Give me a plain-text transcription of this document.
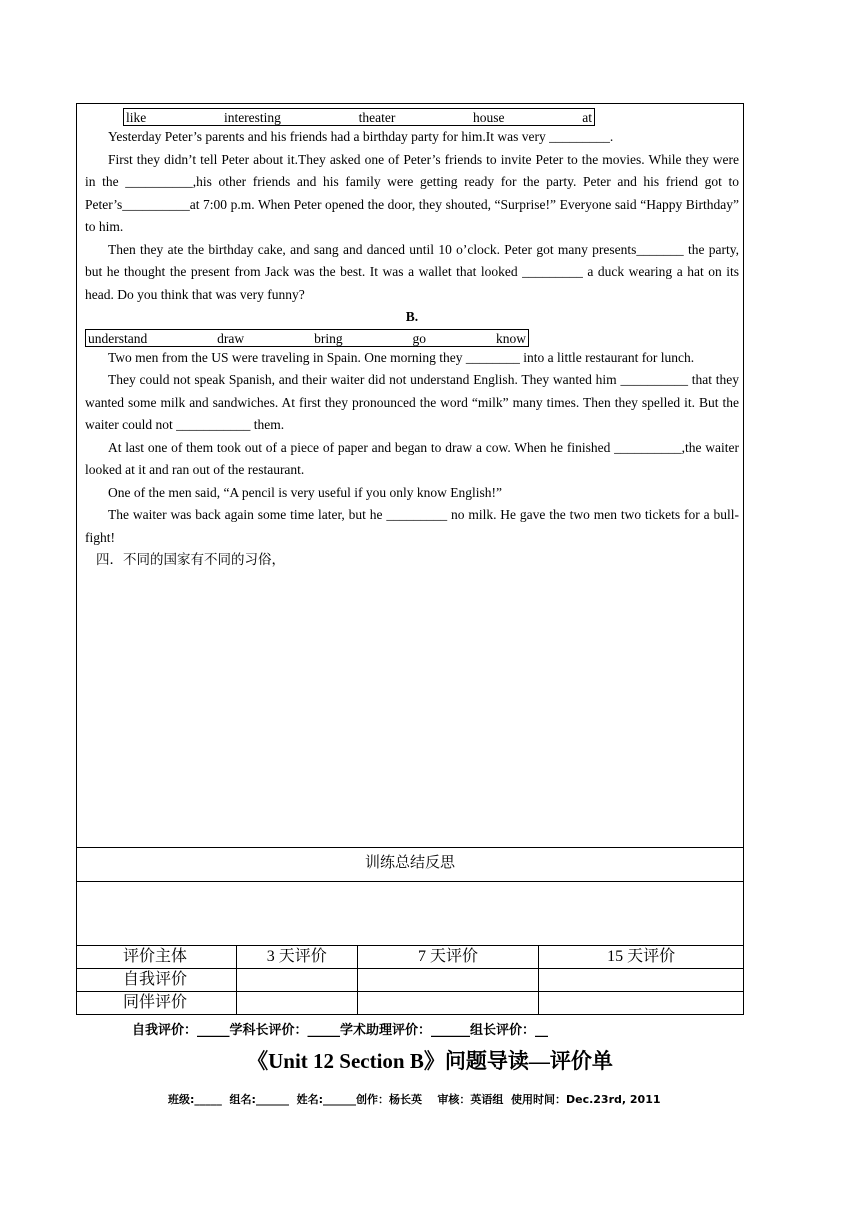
like	interesting	theater	house	at

Yesterday Peter’s parents and his friends had a birthday party for him.It was very _________.

First they didn’t tell Peter about it.They asked one of Peter’s friends to invite Peter to the movies. While they were in the __________,his other friends and his family were getting ready for the party. Peter and his friend got to Peter’s__________at 7:00 p.m. When Peter opened the door, they shouted, “Surprise!” Everyone said “Happy Birthday” to him.

Then they ate the birthday cake, and sang and danced until 10 o’clock. Peter got many presents_______ the party, but he thought the present from Jack was the best. It was a wallet that looked _________ a duck wearing a hat on its head. Do you think that was very funny?

B.

understand	draw	bring	go	know

Two men from the US were traveling in Spain. One morning they ________ into a little restaurant for lunch.

They could not speak Spanish, and their waiter did not understand English. They wanted him __________ that they wanted some milk and sandwiches. At first they pronounced the word “milk” many times. Then they spelled it. But the waiter could not ___________ them.

At last one of them took out of a piece of paper and began to draw a cow. When he finished __________,the waiter looked at it and ran out of the restaurant.

One of the men said, “A pencil is very useful if you only know English!”

The waiter was back again some time later, but he _________ no milk. He gave the two men two tickets for a bull-fight!

四．不同的国家有不同的习俗，

训练总结反思
评价主体	3 天评价	7 天评价	15 天评价
自我评价			
同伴评价			
自我评价：_____学科长评价：_____学术助理评价：______组长评价：__
《Unit 12 Section B》问题导读—评价单
班级:_____  组名:______  姓名:______创作：杨长英    审核：英语组  使用时间：Dec.23rd, 2011
